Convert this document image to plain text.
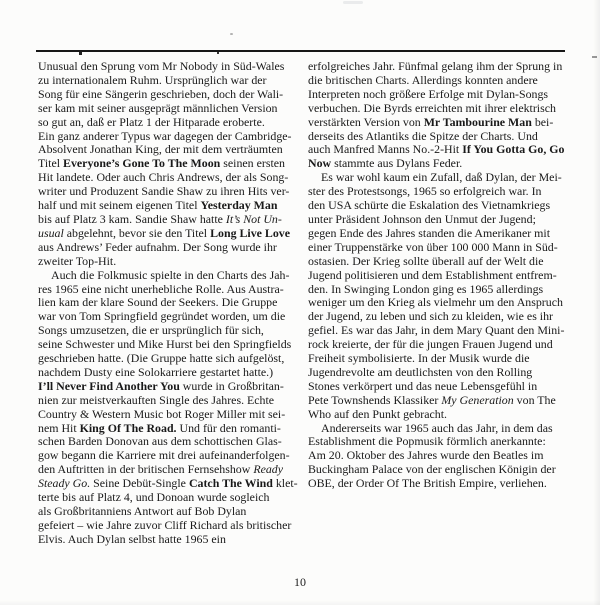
Unusual den Sprung vom Mr Nobody in Süd-Wales
zu internationalem Ruhm. Ursprünglich war der
Song für eine Sängerin geschrieben, doch der Wali-
ser kam mit seiner ausgeprägt männlichen Version
so gut an, daß er Platz 1 der Hitparade eroberte.
Ein ganz anderer Typus war dagegen der Cambridge-
Absolvent Jonathan King, der mit dem verträumten
Titel Everyone’s Gone To The Moon seinen ersten
Hit landete. Oder auch Chris Andrews, der als Song-
writer und Produzent Sandie Shaw zu ihren Hits ver-
half und mit seinem eigenen Titel Yesterday Man
bis auf Platz 3 kam. Sandie Shaw hatte It’s Not Un-
usual abgelehnt, bevor sie den Titel Long Live Love
aus Andrews’ Feder aufnahm. Der Song wurde ihr
zweiter Top-Hit.
Auch die Folkmusic spielte in den Charts des Jah-
res 1965 eine nicht unerhebliche Rolle. Aus Austra-
lien kam der klare Sound der Seekers. Die Gruppe
war von Tom Springfield gegründet worden, um die
Songs umzusetzen, die er ursprünglich für sich,
seine Schwester und Mike Hurst bei den Springfields
geschrieben hatte. (Die Gruppe hatte sich aufgelöst,
nachdem Dusty eine Solokarriere gestartet hatte.)
I’ll Never Find Another You wurde in Großbritan-
nien zur meistverkauften Single des Jahres. Echte
Country & Western Music bot Roger Miller mit sei-
nem Hit King Of The Road. Und für den romanti-
schen Barden Donovan aus dem schottischen Glas-
gow begann die Karriere mit drei aufeinanderfolgen-
den Auftritten in der britischen Fernsehshow Ready
Steady Go. Seine Debüt-Single Catch The Wind klet-
terte bis auf Platz 4, und Donoan wurde sogleich
als Großbritanniens Antwort auf Bob Dylan
gefeiert – wie Jahre zuvor Cliff Richard als britischer
Elvis. Auch Dylan selbst hatte 1965 ein
erfolgreiches Jahr. Fünfmal gelang ihm der Sprung in
die britischen Charts. Allerdings konnten andere
Interpreten noch größere Erfolge mit Dylan-Songs
verbuchen. Die Byrds erreichten mit ihrer elektrisch
verstärkten Version von Mr Tambourine Man bei-
derseits des Atlantiks die Spitze der Charts. Und
auch Manfred Manns No.-2-Hit If You Gotta Go, Go
Now stammte aus Dylans Feder.
Es war wohl kaum ein Zufall, daß Dylan, der Mei-
ster des Protestsongs, 1965 so erfolgreich war. In
den USA schürte die Eskalation des Vietnamkriegs
unter Präsident Johnson den Unmut der Jugend;
gegen Ende des Jahres standen die Amerikaner mit
einer Truppenstärke von über 100 000 Mann in Süd-
ostasien. Der Krieg sollte überall auf der Welt die
Jugend politisieren und dem Establishment entfrem-
den. In Swinging London ging es 1965 allerdings
weniger um den Krieg als vielmehr um den Anspruch
der Jugend, zu leben und sich zu kleiden, wie es ihr
gefiel. Es war das Jahr, in dem Mary Quant den Mini-
rock kreierte, der für die jungen Frauen Jugend und
Freiheit symbolisierte. In der Musik wurde die
Jugendrevolte am deutlichsten von den Rolling
Stones verkörpert und das neue Lebensgefühl in
Pete Townshends Klassiker My Generation von The
Who auf den Punkt gebracht.
Andererseits war 1965 auch das Jahr, in dem das
Establishment die Popmusik förmlich anerkannte:
Am 20. Oktober des Jahres wurde den Beatles im
Buckingham Palace von der englischen Königin der
OBE, der Order Of The British Empire, verliehen.
10
